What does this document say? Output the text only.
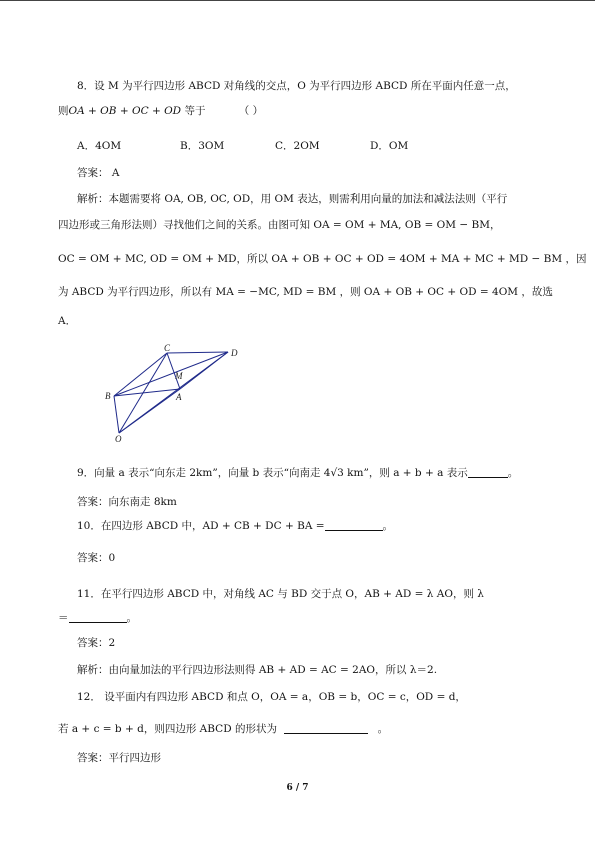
8．设 M 为平行四边形 ABCD 对角线的交点，O 为平行四边形 ABCD 所在平面内任意一点，
则OA + OB + OC + OD 等于	（ ）
A．4OM	B．3OM	C．2OM	D．OM
答案： A
解析：本题需要将 OA, OB, OC, OD，用 OM 表达，则需利用向量的加法和减法法则（平行
四边形或三角形法则）寻找他们之间的关系。由图可知 OA = OM + MA, OB = OM − BM，
OC = OM + MC, OD = OM + MD，所以 OA + OB + OC + OD = 4OM + MA + MC + MD − BM ，因
为 ABCD 为平行四边形，所以有 MA = −MC, MD = BM ，则 OA + OB + OC + OD = 4OM ，故选
A．
C	D
B
M
A
O
9．向量 a 表示“向东走 2km”，向量 b 表示“向南走 4√3 km”，则 a + b + a 表示	。
答案：向东南走 8km
10．在四边形 ABCD 中，AD + CB + DC + BA =	。
答案：0
11．在平行四边形 ABCD 中，对角线 AC 与 BD 交于点 O，AB + AD = λ AO，则 λ
＝	。
答案：2
解析：由向量加法的平行四边形法则得 AB + AD = AC = 2AO，所以 λ＝2.
12． 设平面内有四边形 ABCD 和点 O，OA = a，OB = b，OC = c，OD = d，
若 a + c = b + d，则四边形 ABCD 的形状为	。
答案：平行四边形
6 / 7
